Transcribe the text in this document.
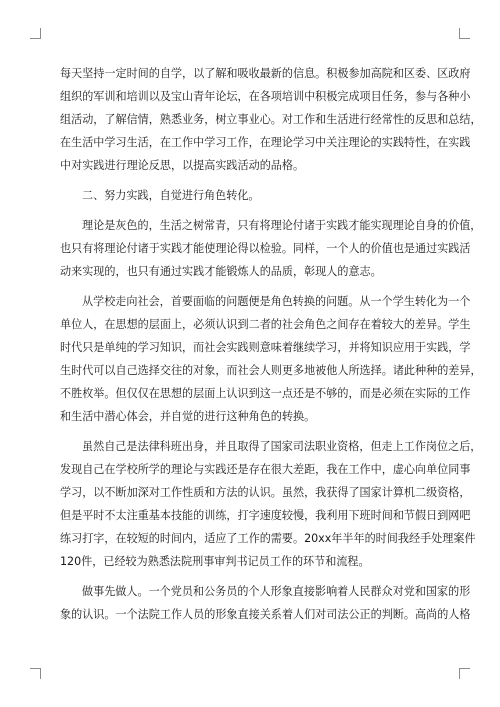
每天坚持一定时间的自学，以了解和吸收最新的信息。积极参加高院和区委、区政府
组织的军训和培训以及宝山青年论坛，在各项培训中积极完成项目任务，参与各种小
组活动，了解信情，熟悉业务，树立事业心。对工作和生活进行经常性的反思和总结，
在生活中学习生活，在工作中学习工作，在理论学习中关注理论的实践特性，在实践
中对实践进行理论反思，以提高实践活动的品格。
二、努力实践，自觉进行角色转化。
理论是灰色的，生活之树常青，只有将理论付诸于实践才能实现理论自身的价值，
也只有将理论付诸于实践才能使理论得以检验。同样，一个人的价值也是通过实践活
动来实现的，也只有通过实践才能锻炼人的品质，彰现人的意志。
从学校走向社会，首要面临的问题便是角色转换的问题。从一个学生转化为一个
单位人，在思想的层面上，必须认识到二者的社会角色之间存在着较大的差异。学生
时代只是单纯的学习知识，而社会实践则意味着继续学习，并将知识应用于实践，学
生时代可以自己选择交往的对象，而社会人则更多地被他人所选择。诸此种种的差异，
不胜枚举。但仅仅在思想的层面上认识到这一点还是不够的，而是必须在实际的工作
和生活中潜心体会，并自觉的进行这种角色的转换。
虽然自己是法律科班出身，并且取得了国家司法职业资格，但走上工作岗位之后，
发现自己在学校所学的理论与实践还是存在很大差距，我在工作中，虚心向单位同事
学习，以不断加深对工作性质和方法的认识。虽然，我获得了国家计算机二级资格，
但是平时不太注重基本技能的训练，打字速度较慢，我利用下班时间和节假日到网吧
练习打字，在较短的时间内，适应了工作的需要。20xx年半年的时间我经手处理案件
120件，已经较为熟悉法院刑事审判书记员工作的环节和流程。
做事先做人。一个党员和公务员的个人形象直接影响着人民群众对党和国家的形
象的认识。一个法院工作人员的形象直接关系着人们对司法公正的判断。高尚的人格
